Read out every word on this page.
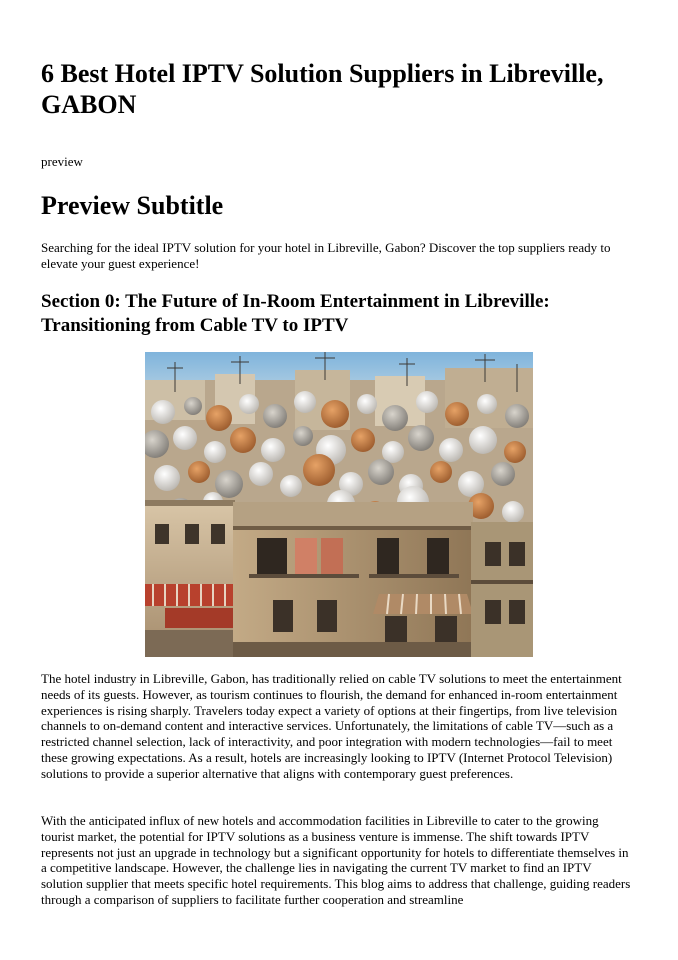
6 Best Hotel IPTV Solution Suppliers in Libreville, GABON

preview

Preview Subtitle

Searching for the ideal IPTV solution for your hotel in Libreville, Gabon? Discover the top suppliers ready to elevate your guest experience!

Section 0: The Future of In-Room Entertainment in Libreville: Transitioning from Cable TV to IPTV

The hotel industry in Libreville, Gabon, has traditionally relied on cable TV solutions to meet the entertainment needs of its guests. However, as tourism continues to flourish, the demand for enhanced in-room entertainment experiences is rising sharply. Travelers today expect a variety of options at their fingertips, from live television channels to on-demand content and interactive services. Unfortunately, the limitations of cable TV—such as a restricted channel selection, lack of interactivity, and poor integration with modern technologies—fail to meet these growing expectations. As a result, hotels are increasingly looking to IPTV (Internet Protocol Television) solutions to provide a superior alternative that aligns with contemporary guest preferences.

With the anticipated influx of new hotels and accommodation facilities in Libreville to cater to the growing tourist market, the potential for IPTV solutions as a business venture is immense. The shift towards IPTV represents not just an upgrade in technology but a significant opportunity for hotels to differentiate themselves in a competitive landscape. However, the challenge lies in navigating the current TV market to find an IPTV solution supplier that meets specific hotel requirements. This blog aims to address that challenge, guiding readers through a comparison of suppliers to facilitate further cooperation and streamline
